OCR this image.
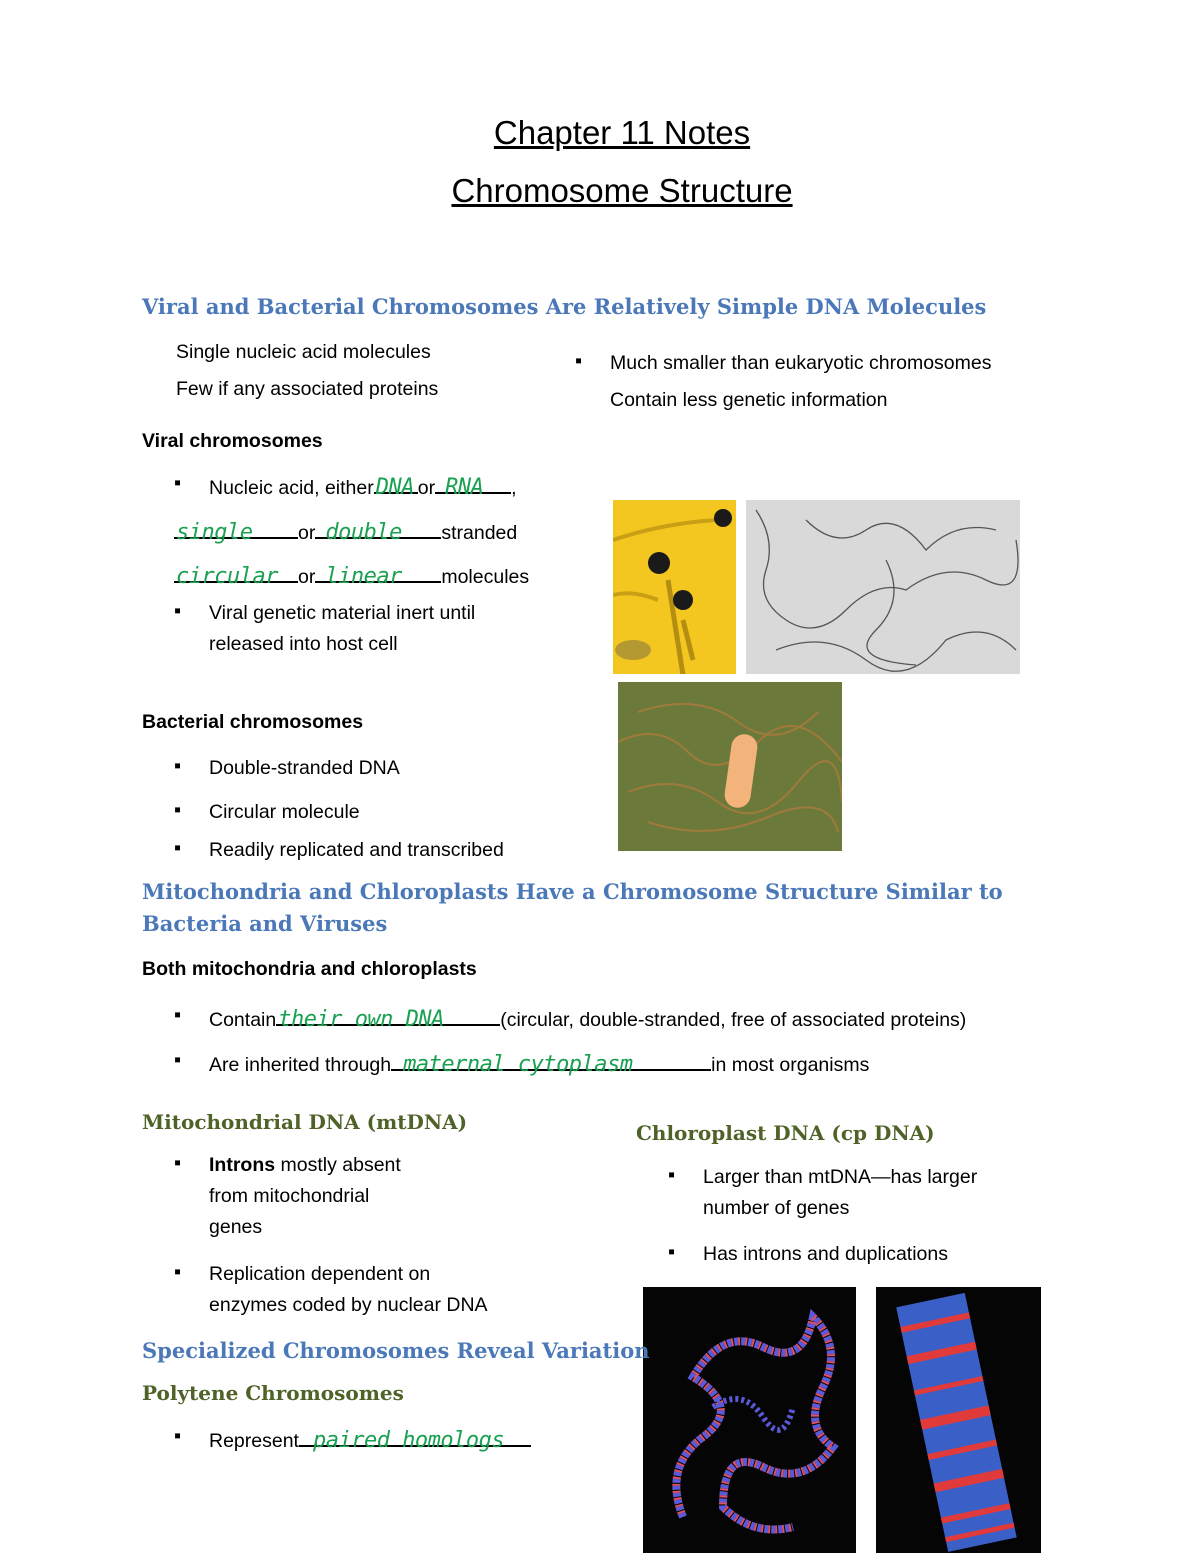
Chapter 11 Notes
Chromosome Structure
Viral and Bacterial Chromosomes Are Relatively Simple DNA Molecules
Single nucleic acid molecules
Few if any associated proteins
▪ Much smaller than eukaryotic chromosomes
Contain less genetic information
Viral chromosomes
▪ Nucleic acid, either DNA or RNA ,
single or double stranded
circular or linear molecules
▪ Viral genetic material inert until
released into host cell
Bacterial chromosomes
▪ Double-stranded DNA
▪ Circular molecule
▪ Readily replicated and transcribed
Mitochondria and Chloroplasts Have a Chromosome Structure Similar to
Bacteria and Viruses
Both mitochondria and chloroplasts
▪ Contain their own DNA	(circular, double-stranded, free of associated proteins)
▪ Are inherited through maternal cytoplasm	in most organisms
Mitochondrial DNA (mtDNA)
▪ Introns mostly absent
from mitochondrial
genes
▪ Replication dependent on
enzymes coded by nuclear DNA
Chloroplast DNA (cp DNA)
▪ Larger than mtDNA—has larger
number of genes
▪ Has introns and duplications
Specialized Chromosomes Reveal Variation
Polytene Chromosomes
▪ Represent paired homologs
